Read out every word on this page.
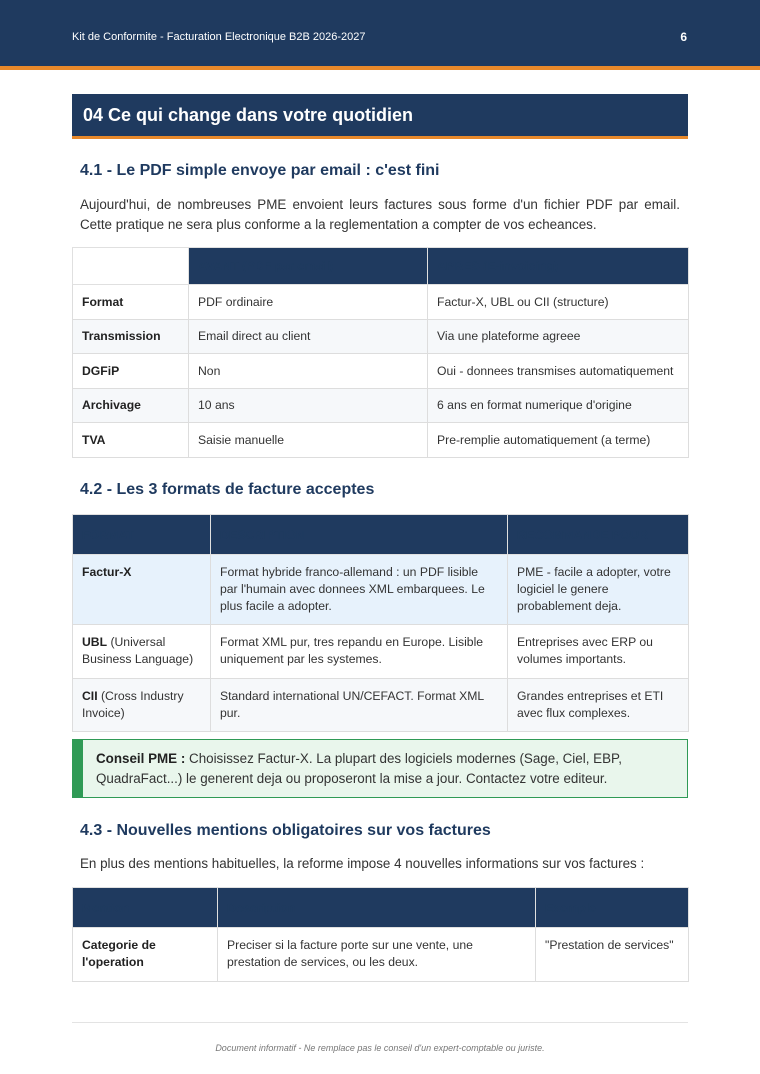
Kit de Conformite - Facturation Electronique B2B 2026-2027	6
04 Ce qui change dans votre quotidien
4.1 - Le PDF simple envoye par email : c'est fini
Aujourd'hui, de nombreuses PME envoient leurs factures sous forme d'un fichier PDF par email. Cette pratique ne sera plus conforme a la reglementation a compter de vos echeances.
	AVANT (PDF par email)	APRES (E-invoicing)
Format	PDF ordinaire	Factur-X, UBL ou CII (structure)
Transmission	Email direct au client	Via une plateforme agreee
DGFiP	Non	Oui - donnees transmises automatiquement
Archivage	10 ans	6 ans en format numerique d'origine
TVA	Saisie manuelle	Pre-remplie automatiquement (a terme)
4.2 - Les 3 formats de facture acceptes
FORMAT	DESCRIPTION	RECOMMANDE POUR
Factur-X	Format hybride franco-allemand : un PDF lisible par l'humain avec donnees XML embarquees. Le plus facile a adopter.	PME - facile a adopter, votre logiciel le genere probablement deja.
UBL (Universal Business Language)	Format XML pur, tres repandu en Europe. Lisible uniquement par les systemes.	Entreprises avec ERP ou volumes importants.
CII (Cross Industry Invoice)	Standard international UN/CEFACT. Format XML pur.	Grandes entreprises et ETI avec flux complexes.
Conseil PME : Choisissez Factur-X. La plupart des logiciels modernes (Sage, Ciel, EBP, QuadraFact...) le generent deja ou proposeront la mise a jour. Contactez votre editeur.
4.3 - Nouvelles mentions obligatoires sur vos factures
En plus des mentions habituelles, la reforme impose 4 nouvelles informations sur vos factures :
Mention	Description	Exemple
Categorie de l'operation	Preciser si la facture porte sur une vente, une prestation de services, ou les deux.	"Prestation de services"
Document informatif - Ne remplace pas le conseil d'un expert-comptable ou juriste.
